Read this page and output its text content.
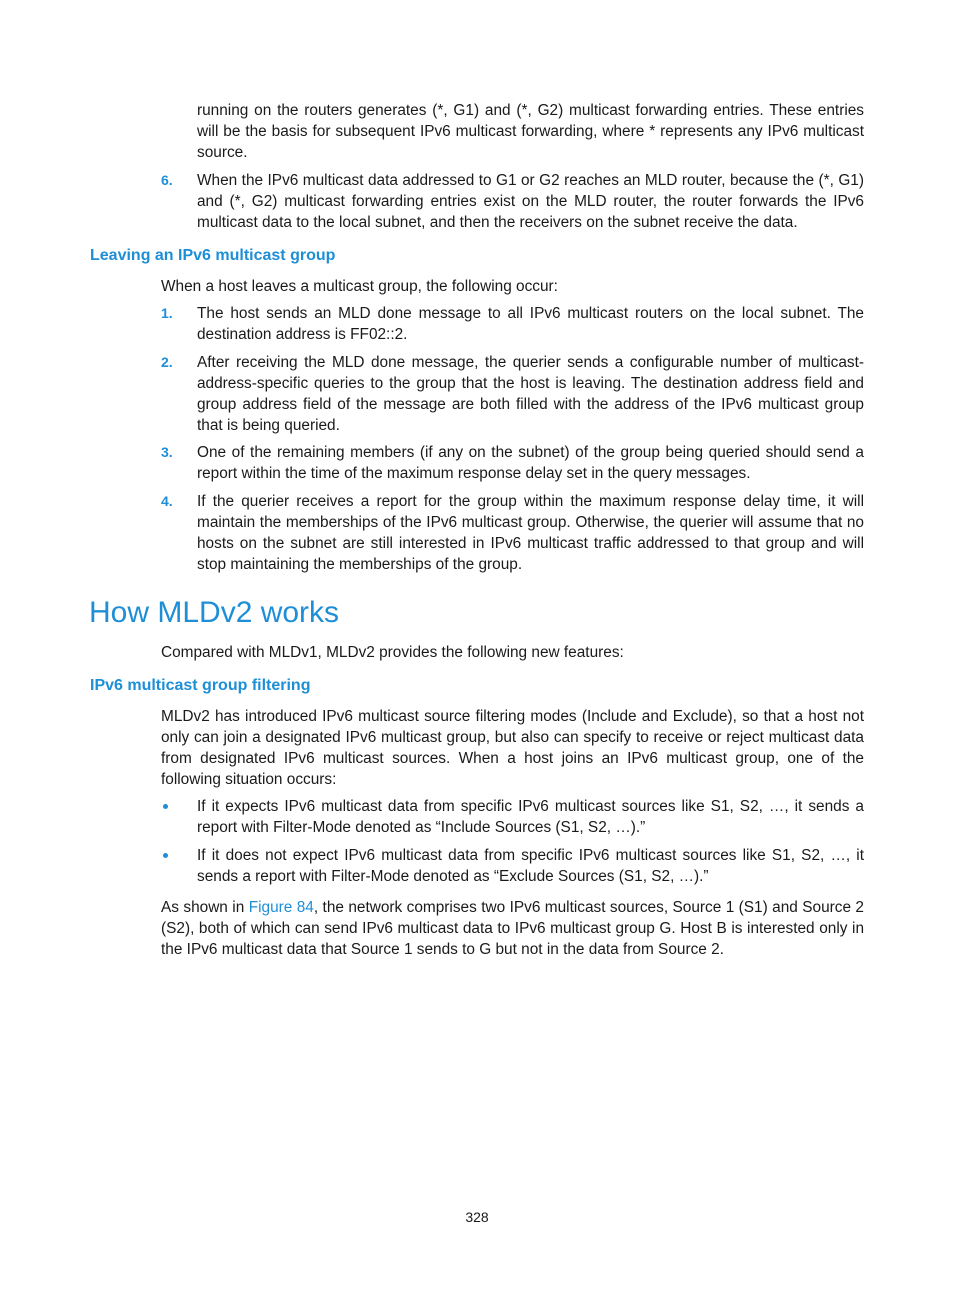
running on the routers generates (*, G1) and (*, G2) multicast forwarding entries. These entries will be the basis for subsequent IPv6 multicast forwarding, where * represents any IPv6 multicast source.
6. When the IPv6 multicast data addressed to G1 or G2 reaches an MLD router, because the (*, G1) and (*, G2) multicast forwarding entries exist on the MLD router, the router forwards the IPv6 multicast data to the local subnet, and then the receivers on the subnet receive the data.
Leaving an IPv6 multicast group
When a host leaves a multicast group, the following occur:
1. The host sends an MLD done message to all IPv6 multicast routers on the local subnet. The destination address is FF02::2.
2. After receiving the MLD done message, the querier sends a configurable number of multicast-address-specific queries to the group that the host is leaving. The destination address field and group address field of the message are both filled with the address of the IPv6 multicast group that is being queried.
3. One of the remaining members (if any on the subnet) of the group being queried should send a report within the time of the maximum response delay set in the query messages.
4. If the querier receives a report for the group within the maximum response delay time, it will maintain the memberships of the IPv6 multicast group. Otherwise, the querier will assume that no hosts on the subnet are still interested in IPv6 multicast traffic addressed to that group and will stop maintaining the memberships of the group.
How MLDv2 works
Compared with MLDv1, MLDv2 provides the following new features:
IPv6 multicast group filtering
MLDv2 has introduced IPv6 multicast source filtering modes (Include and Exclude), so that a host not only can join a designated IPv6 multicast group, but also can specify to receive or reject multicast data from designated IPv6 multicast sources. When a host joins an IPv6 multicast group, one of the following situation occurs:
If it expects IPv6 multicast data from specific IPv6 multicast sources like S1, S2, …, it sends a report with Filter-Mode denoted as “Include Sources (S1, S2, …).”
If it does not expect IPv6 multicast data from specific IPv6 multicast sources like S1, S2, …, it sends a report with Filter-Mode denoted as “Exclude Sources (S1, S2, …).”
As shown in Figure 84, the network comprises two IPv6 multicast sources, Source 1 (S1) and Source 2 (S2), both of which can send IPv6 multicast data to IPv6 multicast group G. Host B is interested only in the IPv6 multicast data that Source 1 sends to G but not in the data from Source 2.
328
